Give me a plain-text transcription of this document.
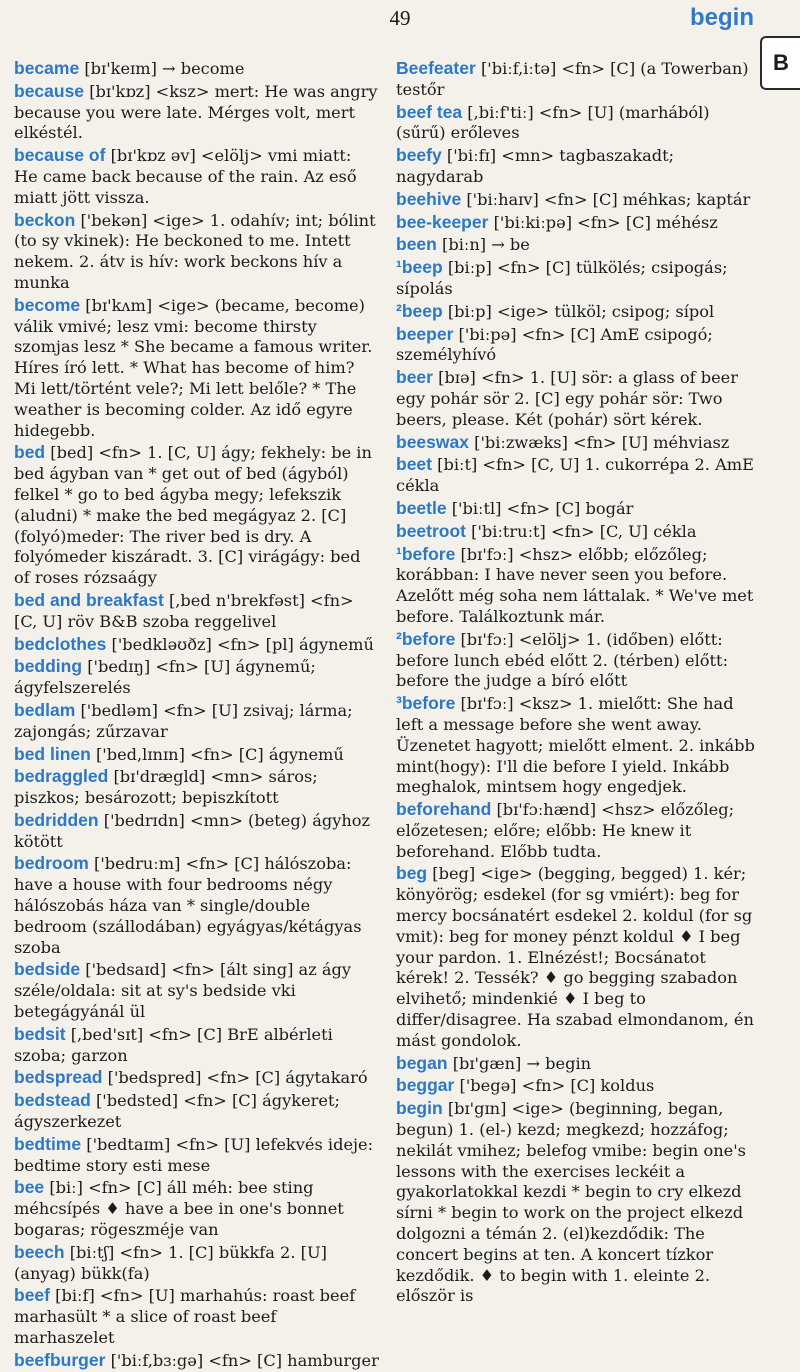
49	begin
B
became [bɪ'keɪm] → become
because [bɪ'kɒz] <ksz> mert: He was angry because you were late. Mérges volt, mert elkéstél.
because of [bɪ'kɒz əv] <elölj> vmi miatt: He came back because of the rain. Az eső miatt jött vissza.
beckon ['bekən] <ige> 1. odahív; int; bólint (to sy vkinek): He beckoned to me. Intett nekem. 2. átv is hív: work beckons hív a munka
become [bɪ'kʌm] <ige> (became, become) válik vmivé; lesz vmi: become thirsty szomjas lesz * She became a famous writer. Híres író lett. * What has become of him? Mi lett/történt vele?; Mi lett belőle? * The weather is becoming colder. Az idő egyre hidegebb.
bed [bed] <fn> 1. [C, U] ágy; fekhely: be in bed ágyban van * get out of bed (ágyból) felkel * go to bed ágyba megy; lefekszik (aludni) * make the bed megágyaz 2. [C] (folyó)meder: The river bed is dry. A folyómeder kiszáradt. 3. [C] virágágy: bed of roses rózsaágy
bed and breakfast [,bed n'brekfəst] <fn> [C, U] röv B&B szoba reggelivel
bedclothes ['bedkləʊðz] <fn> [pl] ágynemű
bedding ['bedɪŋ] <fn> [U] ágynemű; ágyfelszerelés
bedlam ['bedləm] <fn> [U] zsivaj; lárma; zajongás; zűrzavar
bed linen ['bed,lɪnɪn] <fn> [C] ágynemű
bedraggled [bɪ'drægld] <mn> sáros; piszkos; besározott; bepiszkított
bedridden ['bedrɪdn] <mn> (beteg) ágyhoz kötött
bedroom ['bedruːm] <fn> [C] hálószoba: have a house with four bedrooms négy hálószobás háza van * single/double bedroom (szállodában) egyágyas/kétágyas szoba
bedside ['bedsaɪd] <fn> [ált sing] az ágy széle/oldala: sit at sy's bedside vki betegágyánál ül
bedsit [,bed'sɪt] <fn> [C] BrE albérleti szoba; garzon
bedspread ['bedspred] <fn> [C] ágytakaró
bedstead ['bedsted] <fn> [C] ágykeret; ágyszerkezet
bedtime ['bedtaɪm] <fn> [U] lefekvés ideje: bedtime story esti mese
bee [biː] <fn> [C] áll méh: bee sting méhcsípés ♦ have a bee in one's bonnet bogaras; rögeszméje van
beech [biːtʃ] <fn> 1. [C] bükkfa 2. [U] (anyag) bükk(fa)
beef [biːf] <fn> [U] marhahús: roast beef marhasült * a slice of roast beef marhaszelet
beefburger ['biːf,bɜːgə] <fn> [C] hamburger
Beefeater ['biːf,iːtə] <fn> [C] (a Towerban) testőr
beef tea [,biːf'tiː] <fn> [U] (marhából) (sűrű) erőleves
beefy ['biːfɪ] <mn> tagbaszakadt; nagydarab
beehive ['biːhaɪv] <fn> [C] méhkas; kaptár
bee-keeper ['biːkiːpə] <fn> [C] méhész
been [biːn] → be
¹beep [biːp] <fn> [C] tülkölés; csipogás; sípolás
²beep [biːp] <ige> tülköl; csipog; sípol
beeper ['biːpə] <fn> [C] AmE csipogó; személyhívó
beer [bɪə] <fn> 1. [U] sör: a glass of beer egy pohár sör 2. [C] egy pohár sör: Two beers, please. Két (pohár) sört kérek.
beeswax ['biːzwæks] <fn> [U] méhviasz
beet [biːt] <fn> [C, U] 1. cukorrépa 2. AmE cékla
beetle ['biːtl] <fn> [C] bogár
beetroot ['biːtruːt] <fn> [C, U] cékla
¹before [bɪ'fɔː] <hsz> előbb; előzőleg; korábban: I have never seen you before. Azelőtt még soha nem láttalak. * We've met before. Találkoztunk már.
²before [bɪ'fɔː] <elölj> 1. (időben) előtt: before lunch ebéd előtt 2. (térben) előtt: before the judge a bíró előtt
³before [bɪ'fɔː] <ksz> 1. mielőtt: She had left a message before she went away. Üzenetet hagyott; mielőtt elment. 2. inkább mint(hogy): I'll die before I yield. Inkább meghalok, mintsem hogy engedjek.
beforehand [bɪ'fɔːhænd] <hsz> előzőleg; előzetesen; előre; előbb: He knew it beforehand. Előbb tudta.
beg [beg] <ige> (begging, begged) 1. kér; könyörög; esdekel (for sg vmiért): beg for mercy bocsánatért esdekel 2. koldul (for sg vmit): beg for money pénzt koldul ♦ I beg your pardon. 1. Elnézést!; Bocsánatot kérek! 2. Tessék? ♦ go begging szabadon elvihető; mindenkié ♦ I beg to differ/disagree. Ha szabad elmondanom, én mást gondolok.
began [bɪ'gæn] → begin
beggar ['begə] <fn> [C] koldus
begin [bɪ'gɪn] <ige> (beginning, began, begun) 1. (el-) kezd; megkezd; hozzáfog; nekilát vmihez; belefog vmibe: begin one's lessons with the exercises leckéit a gyakorlatokkal kezdi * begin to cry elkezd sírni * begin to work on the project elkezd dolgozni a témán 2. (el)kezdődik: The concert begins at ten. A koncert tízkor kezdődik. ♦ to begin with 1. eleinte 2. először is
